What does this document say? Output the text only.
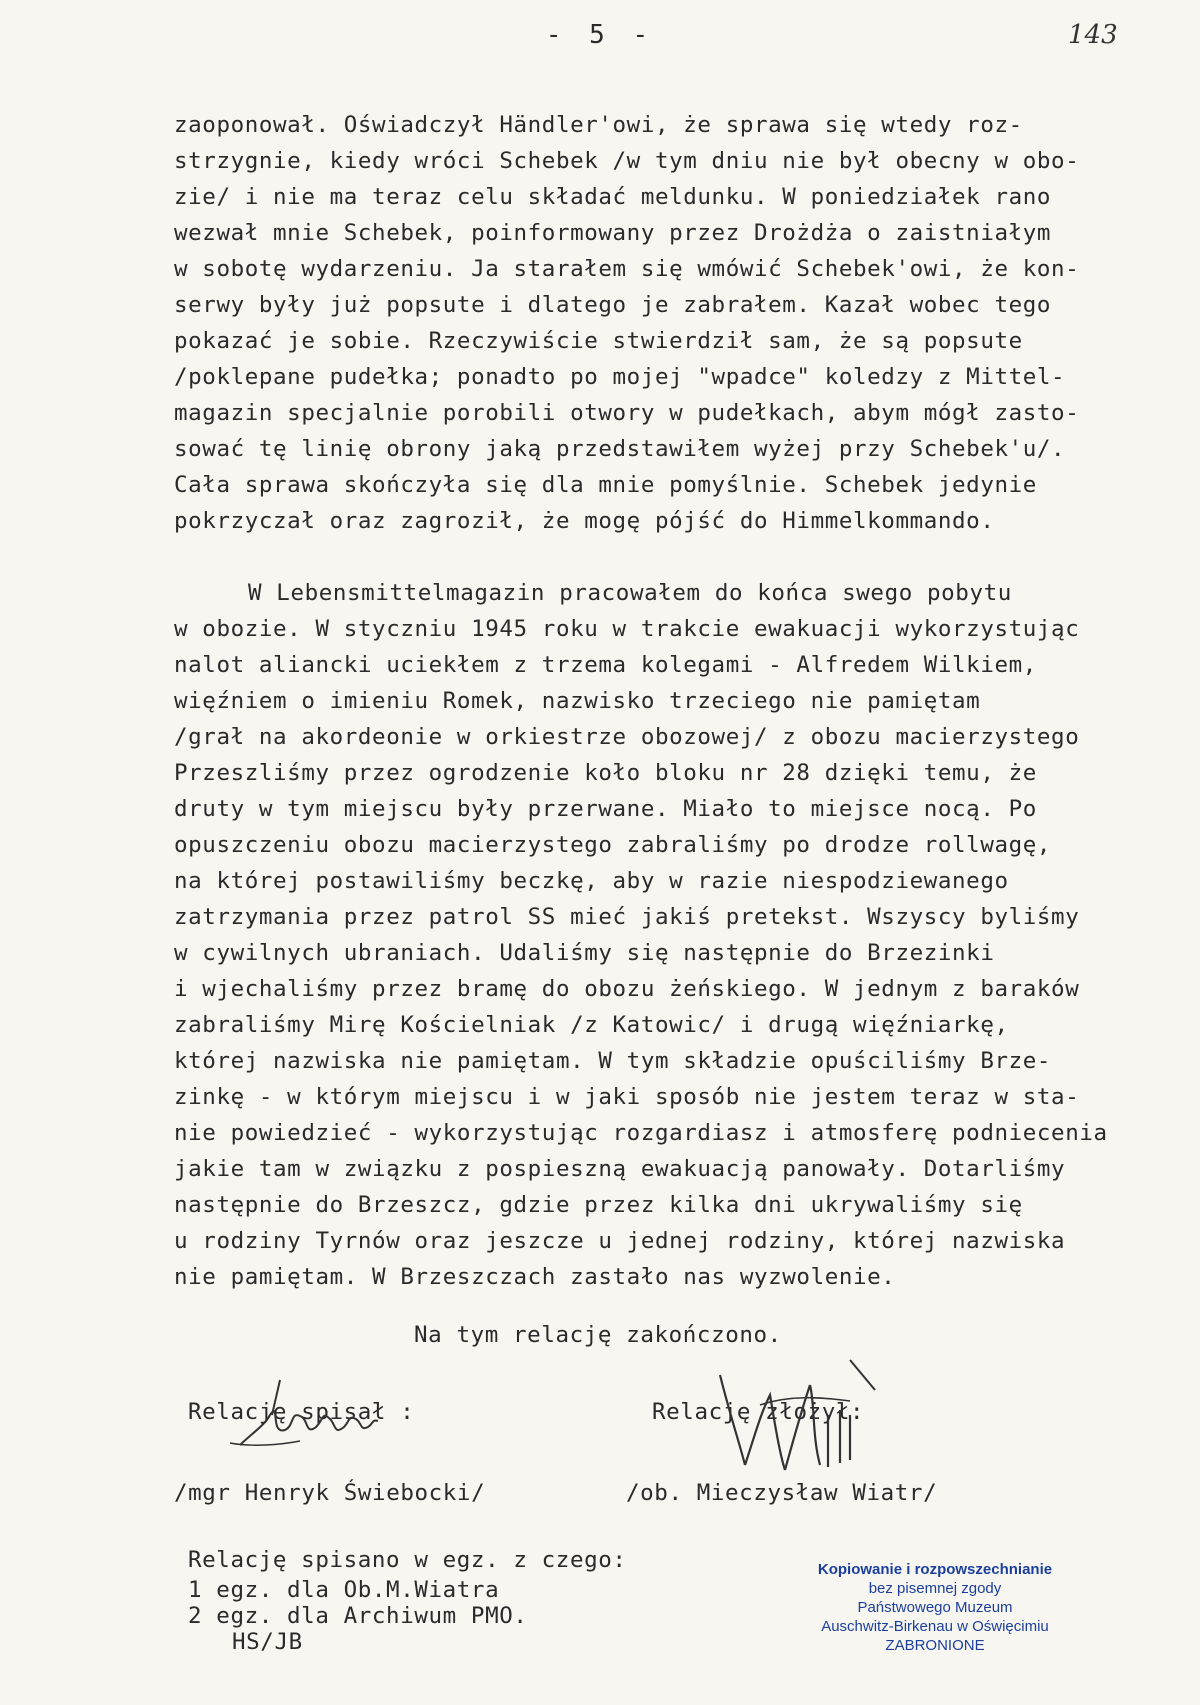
- 5 -	143
zaoponował. Oświadczył Händler'owi, że sprawa się wtedy roz-
strzygnie, kiedy wróci Schebek /w tym dniu nie był obecny w obo-
zie/ i nie ma teraz celu składać meldunku. W poniedziałek rano
wezwał mnie Schebek, poinformowany przez Drożdża o zaistniałym
w sobotę wydarzeniu. Ja starałem się wmówić Schebek'owi, że kon-
serwy były już popsute i dlatego je zabrałem. Kazał wobec tego
pokazać je sobie. Rzeczywiście stwierdził sam, że są popsute
/poklepane pudełka; ponadto po mojej "wpadce" koledzy z Mittel-
magazin specjalnie porobili otwory w pudełkach, abym mógł zasto-
sować tę linię obrony jaką przedstawiłem wyżej przy Schebek'u/.
Cała sprawa skończyła się dla mnie pomyślnie. Schebek jedynie
pokrzyczał oraz zagroził, że mogę pójść do Himmelkommando.
W Lebensmittelmagazin pracowałem do końca swego pobytu
w obozie. W styczniu 1945 roku w trakcie ewakuacji wykorzystując
nalot aliancki uciekłem z trzema kolegami - Alfredem Wilkiem,
więźniem o imieniu Romek, nazwisko trzeciego nie pamiętam
/grał na akordeonie w orkiestrze obozowej/ z obozu macierzystego
Przeszliśmy przez ogrodzenie koło bloku nr 28 dzięki temu, że
druty w tym miejscu były przerwane. Miało to miejsce nocą. Po
opuszczeniu obozu macierzystego zabraliśmy po drodze rollwagę,
na której postawiliśmy beczkę, aby w razie niespodziewanego
zatrzymania przez patrol SS mieć jakiś pretekst. Wszyscy byliśmy
w cywilnych ubraniach. Udaliśmy się następnie do Brzezinki
i wjechaliśmy przez bramę do obozu żeńskiego. W jednym z baraków
zabraliśmy Mirę Kościelniak /z Katowic/ i drugą więźniarkę,
której nazwiska nie pamiętam. W tym składzie opuściliśmy Brze-
zinkę - w którym miejscu i w jaki sposób nie jestem teraz w sta-
nie powiedzieć - wykorzystując rozgardiasz i atmosferę podniecenia
jakie tam w związku z pospieszną ewakuacją panowały. Dotarliśmy
następnie do Brzeszcz, gdzie przez kilka dni ukrywaliśmy się
u rodziny Tyrnów oraz jeszcze u jednej rodziny, której nazwiska
nie pamiętam. W Brzeszczach zastało nas wyzwolenie.
Na tym relację zakończono.
Relację spisał :
/mgr Henryk Świebocki/
Relację złożył:
/ob. Mieczysław Wiatr/
Relację spisano w egz. z czego:
1 egz. dla Ob.M.Wiatra
2 egz. dla Archiwum PMO.
HS/JB
Kopiowanie i rozpowszechnianie
bez pisemnej zgody
Państwowego Muzeum
Auschwitz-Birkenau w Oświęcimiu
ZABRONIONE
